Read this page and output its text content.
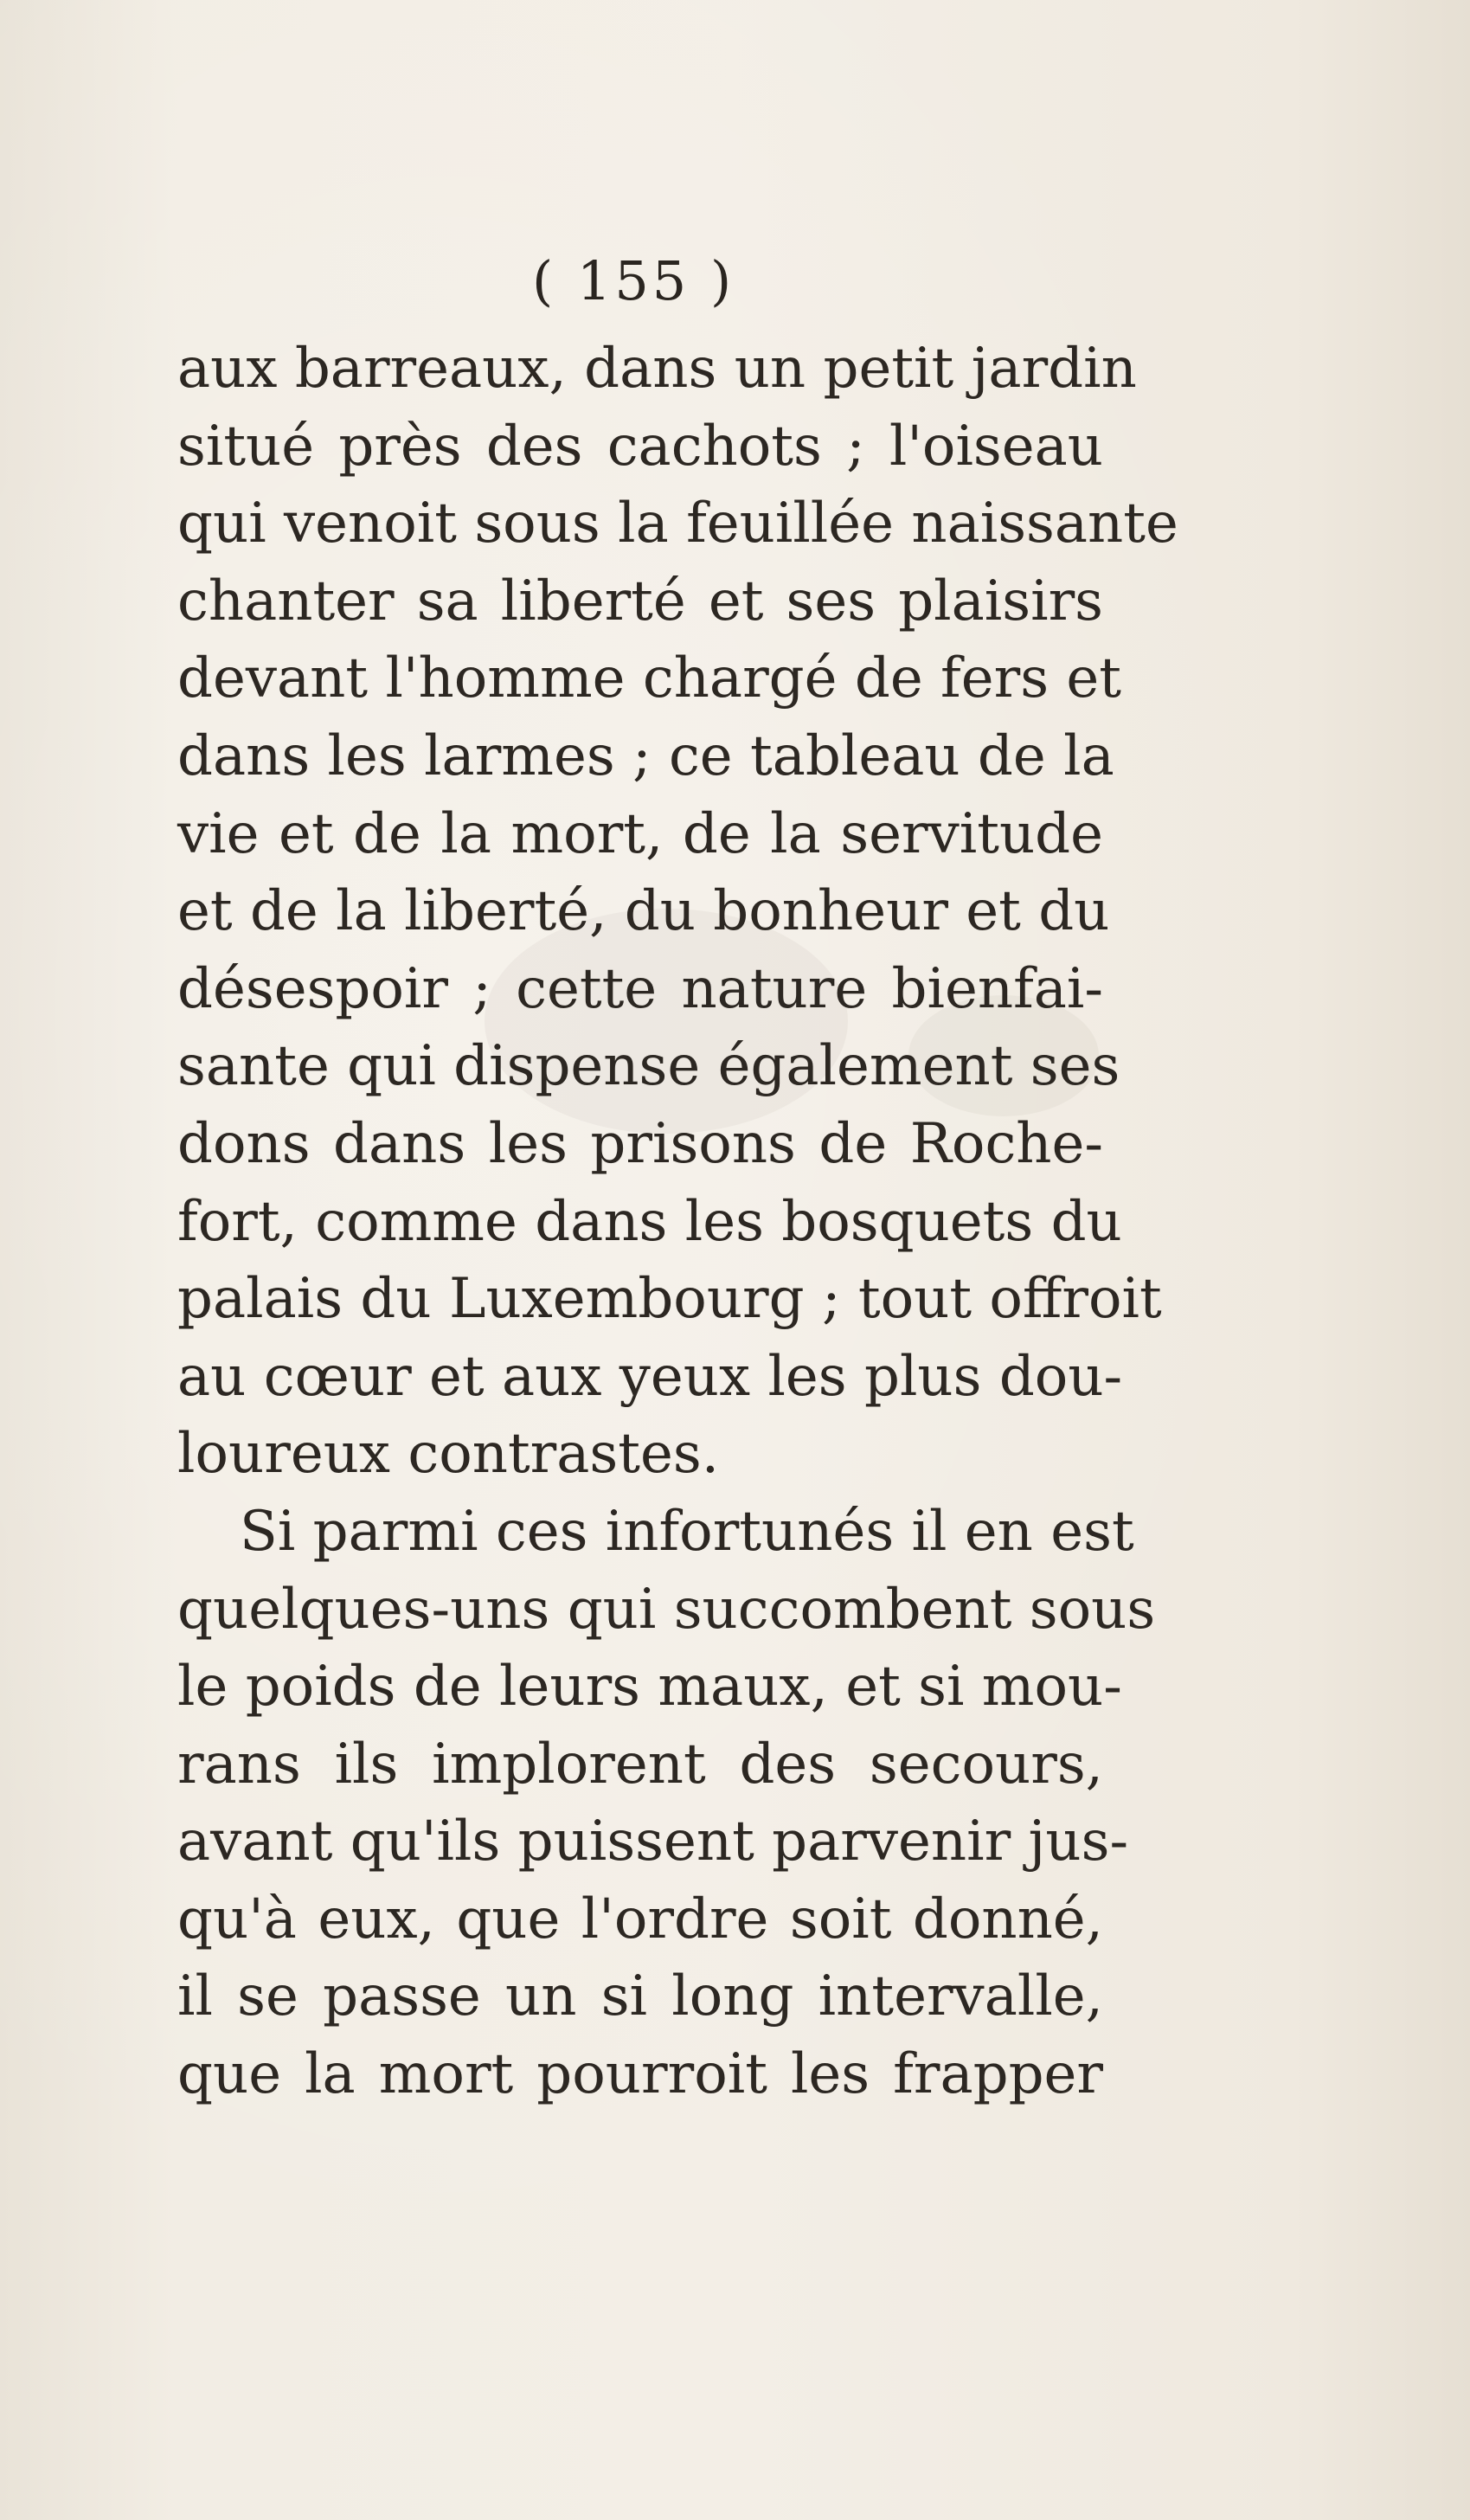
( 155 )
aux barreaux, dans un petit jardin
situé près des cachots ; l'oiseau
qui venoit sous la feuillée naissante
chanter sa liberté et ses plaisirs
devant l'homme chargé de fers et
dans les larmes ; ce tableau de la
vie et de la mort, de la servitude
et de la liberté, du bonheur et du
désespoir ; cette nature bienfai-
sante qui dispense également ses
dons dans les prisons de Roche-
fort, comme dans les bosquets du
palais du Luxembourg ; tout offroit
au cœur et aux yeux les plus dou-
loureux contrastes.
Si parmi ces infortunés il en est
quelques-uns qui succombent sous
le poids de leurs maux, et si mou-
rans ils implorent des secours,
avant qu'ils puissent parvenir jus-
qu'à eux, que l'ordre soit donné,
il se passe un si long intervalle,
que la mort pourroit les frapper
